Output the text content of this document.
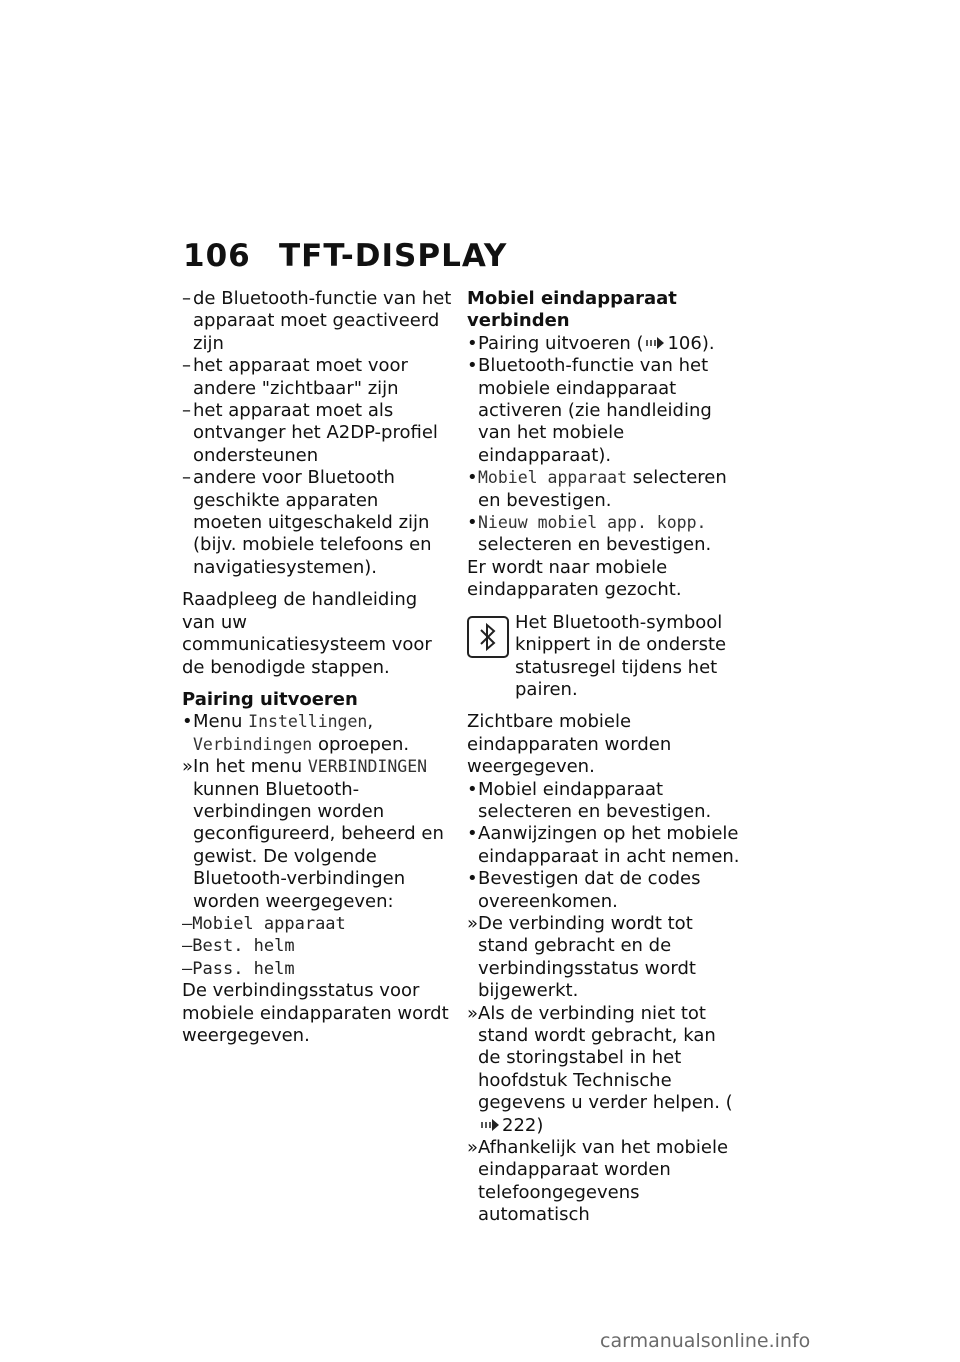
106 TFT-DISPLAY

– de Bluetooth-functie van het apparaat moet geactiveerd zijn

– het apparaat moet voor andere "zichtbaar" zijn

– het apparaat moet als ontvanger het A2DP-profiel ondersteunen

– andere voor Bluetooth geschikte apparaten moeten uitgeschakeld zijn (bijv. mobiele telefoons en navigatiesystemen).

Raadpleeg de handleiding van uw communicatiesysteem voor de benodigde stappen.

Pairing uitvoeren

• Menu Instellingen, Verbindingen oproepen.

» In het menu VERBINDINGEN kunnen Bluetooth-verbindingen worden geconfigureerd, beheerd en gewist. De volgende Bluetooth-verbindingen worden weergegeven:

–Mobiel apparaat

–Best. helm

–Pass. helm

De verbindingsstatus voor mobiele eindapparaten wordt weergegeven.

Mobiel eindapparaat verbinden

• Pairing uitvoeren ( 106).

• Bluetooth-functie van het mobiele eindapparaat activeren (zie handleiding van het mobiele eindapparaat).

• Mobiel apparaat selecteren en bevestigen.

• Nieuw mobiel app. kopp. selecteren en bevestigen.

Er wordt naar mobiele eindapparaten gezocht.

Het Bluetooth-symbool knippert in de onderste statusregel tijdens het pairen.

Zichtbare mobiele eindapparaten worden weergegeven.

• Mobiel eindapparaat selecteren en bevestigen.

• Aanwijzingen op het mobiele eindapparaat in acht nemen.

• Bevestigen dat de codes overeenkomen.

» De verbinding wordt tot stand gebracht en de verbindingsstatus wordt bijgewerkt.

» Als de verbinding niet tot stand wordt gebracht, kan de storingstabel in het hoofdstuk Technische gegevens u verder helpen. (222)

» Afhankelijk van het mobiele eindapparaat worden telefoongegevens automatisch

carmanualsonline.info
